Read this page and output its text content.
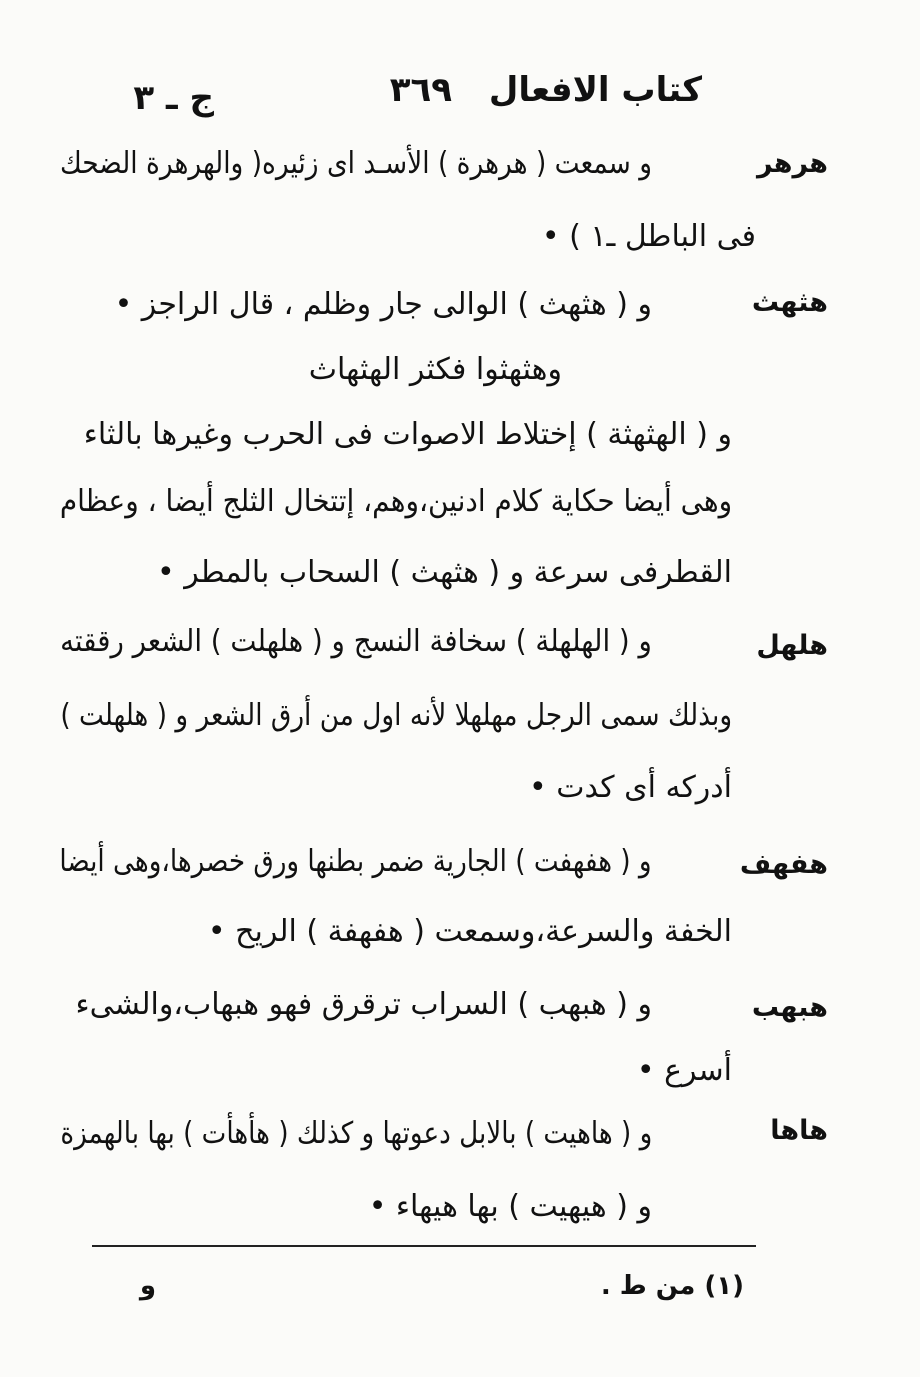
كتاب الافعال
٣٦٩
ج ـ ٣
هرهر
و سمعت ( هرهرة ) الأسـد اى زئيره( والهرهرة الضحك
فى الباطل ـ١ ) •
هثهث
و ( هثهث ) الوالى جار وظلم ، قال الراجز •
وهثهثوا فكثر الهثهاث
و ( الهثهثة ) إختلاط الاصوات فى الحرب وغيرها بالثاء
وهى أيضا حكاية كلام ادنين،وهم، إتتخال الثلج أيضا ، وعظام
القطرفى سرعة و ( هثهث ) السحاب بالمطر •
هلهل
و ( الهلهلة ) سخافة النسج و ( هلهلت ) الشعر رققته
وبذلك سمى الرجل مهلهلا لأنه اول من أرق الشعر و ( هلهلت )
أدركه أى كدت •
هفهف
و ( هفهفت ) الجارية ضمر بطنها ورق خصرها،وهى أيضا
الخفة والسرعة،وسمعت ( هفهفة ) الريح •
هبهب
و ( هبهب ) السراب ترقرق فهو هبهاب،والشىء
أسرع •
هاها
و ( هاهيت ) بالابل دعوتها و كذلك ( هأهأت ) بها بالهمزة
و ( هيهيت ) بها هيهاء •
(١) من ط .
و
